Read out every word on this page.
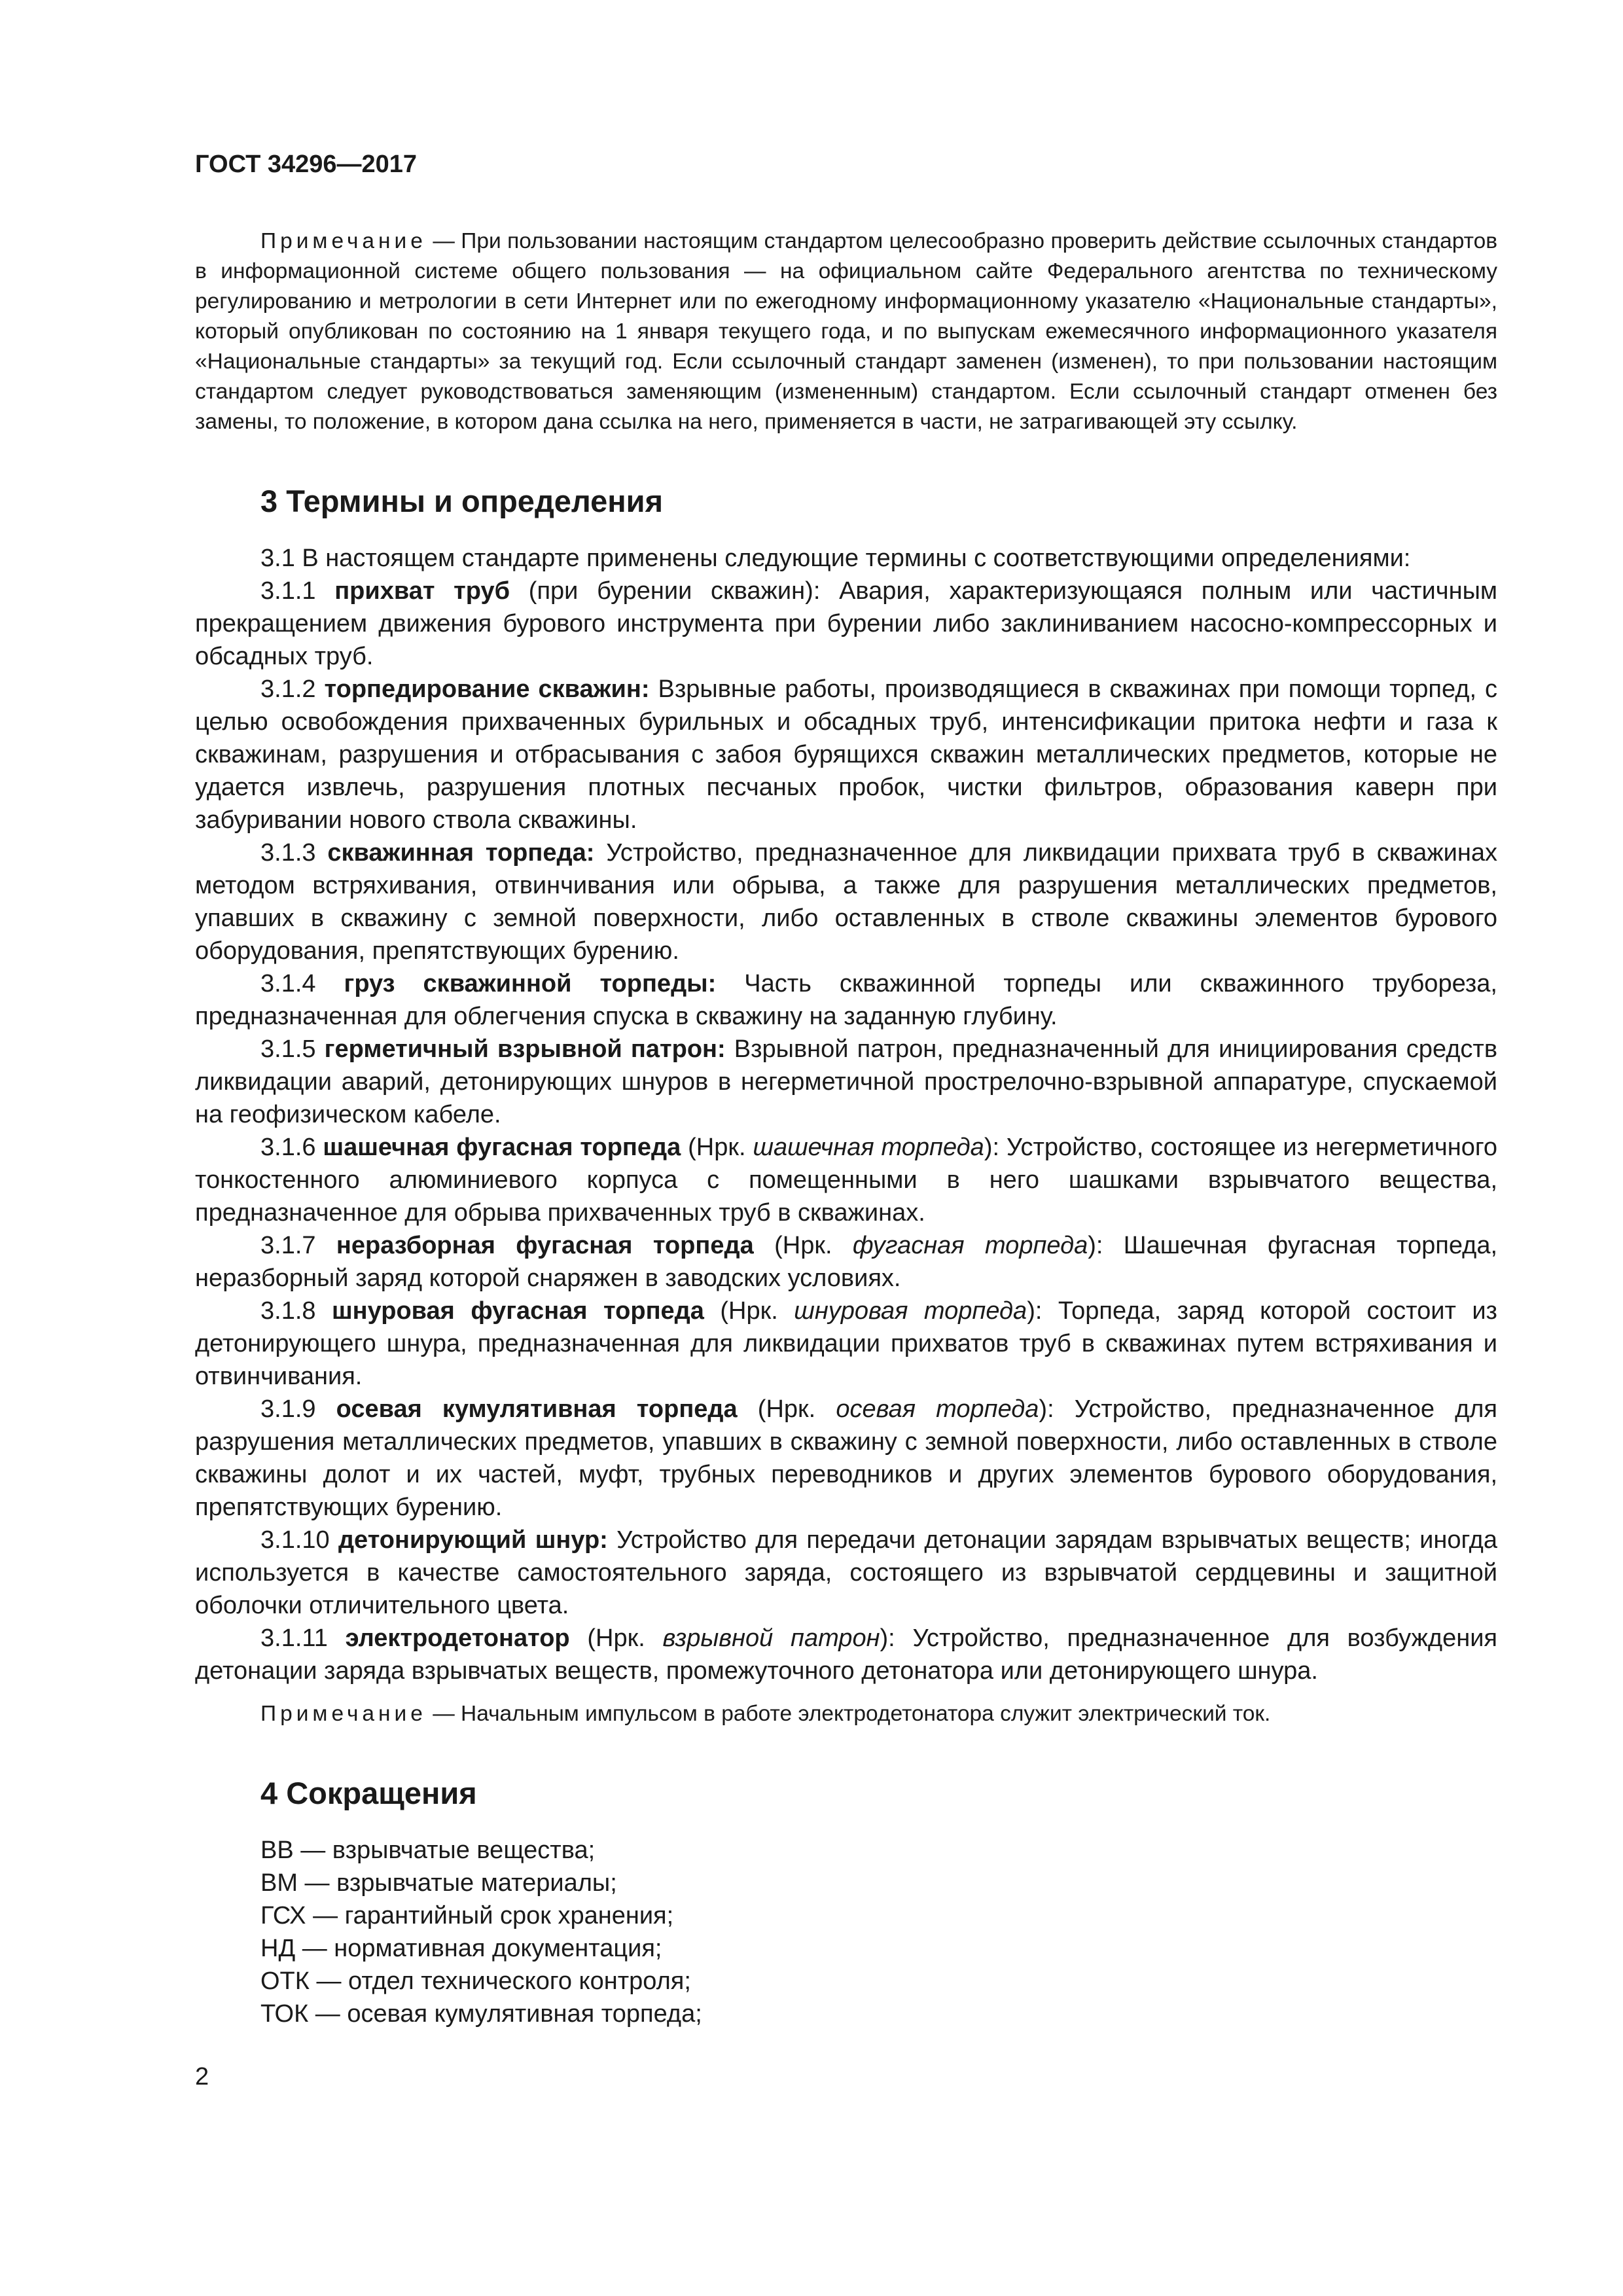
ГОСТ 34296—2017

Примечание — При пользовании настоящим стандартом целесообразно проверить действие ссылочных стандартов в информационной системе общего пользования — на официальном сайте Федерального агентства по техническому регулированию и метрологии в сети Интернет или по ежегодному информационному указателю «Национальные стандарты», который опубликован по состоянию на 1 января текущего года, и по выпускам ежемесячного информационного указателя «Национальные стандарты» за текущий год. Если ссылочный стандарт заменен (изменен), то при пользовании настоящим стандартом следует руководствоваться заменяющим (измененным) стандартом. Если ссылочный стандарт отменен без замены, то положение, в котором дана ссылка на него, применяется в части, не затрагивающей эту ссылку.

3 Термины и определения

3.1 В настоящем стандарте применены следующие термины с соответствующими определениями:

3.1.1 прихват труб (при бурении скважин): Авария, характеризующаяся полным или частичным прекращением движения бурового инструмента при бурении либо заклиниванием насосно-компрессорных и обсадных труб.

3.1.2 торпедирование скважин: Взрывные работы, производящиеся в скважинах при помощи торпед, с целью освобождения прихваченных бурильных и обсадных труб, интенсификации притока нефти и газа к скважинам, разрушения и отбрасывания с забоя бурящихся скважин металлических предметов, которые не удается извлечь, разрушения плотных песчаных пробок, чистки фильтров, образования каверн при забуривании нового ствола скважины.

3.1.3 скважинная торпеда: Устройство, предназначенное для ликвидации прихвата труб в скважинах методом встряхивания, отвинчивания или обрыва, а также для разрушения металлических предметов, упавших в скважину с земной поверхности, либо оставленных в стволе скважины элементов бурового оборудования, препятствующих бурению.

3.1.4 груз скважинной торпеды: Часть скважинной торпеды или скважинного трубореза, предназначенная для облегчения спуска в скважину на заданную глубину.

3.1.5 герметичный взрывной патрон: Взрывной патрон, предназначенный для инициирования средств ликвидации аварий, детонирующих шнуров в негерметичной прострелочно-взрывной аппаратуре, спускаемой на геофизическом кабеле.

3.1.6 шашечная фугасная торпеда (Нрк. шашечная торпеда): Устройство, состоящее из негерметичного тонкостенного алюминиевого корпуса с помещенными в него шашками взрывчатого вещества, предназначенное для обрыва прихваченных труб в скважинах.

3.1.7 неразборная фугасная торпеда (Нрк. фугасная торпеда): Шашечная фугасная торпеда, неразборный заряд которой снаряжен в заводских условиях.

3.1.8 шнуровая фугасная торпеда (Нрк. шнуровая торпеда): Торпеда, заряд которой состоит из детонирующего шнура, предназначенная для ликвидации прихватов труб в скважинах путем встряхивания и отвинчивания.

3.1.9 осевая кумулятивная торпеда (Нрк. осевая торпеда): Устройство, предназначенное для разрушения металлических предметов, упавших в скважину с земной поверхности, либо оставленных в стволе скважины долот и их частей, муфт, трубных переводников и других элементов бурового оборудования, препятствующих бурению.

3.1.10 детонирующий шнур: Устройство для передачи детонации зарядам взрывчатых веществ; иногда используется в качестве самостоятельного заряда, состоящего из взрывчатой сердцевины и защитной оболочки отличительного цвета.

3.1.11 электродетонатор (Нрк. взрывной патрон): Устройство, предназначенное для возбуждения детонации заряда взрывчатых веществ, промежуточного детонатора или детонирующего шнура.

Примечание — Начальным импульсом в работе электродетонатора служит электрический ток.

4 Сокращения
ВВ — взрывчатые вещества;
ВМ — взрывчатые материалы;
ГСХ — гарантийный срок хранения;
НД — нормативная документация;
ОТК — отдел технического контроля;
ТОК — осевая кумулятивная торпеда;
2
